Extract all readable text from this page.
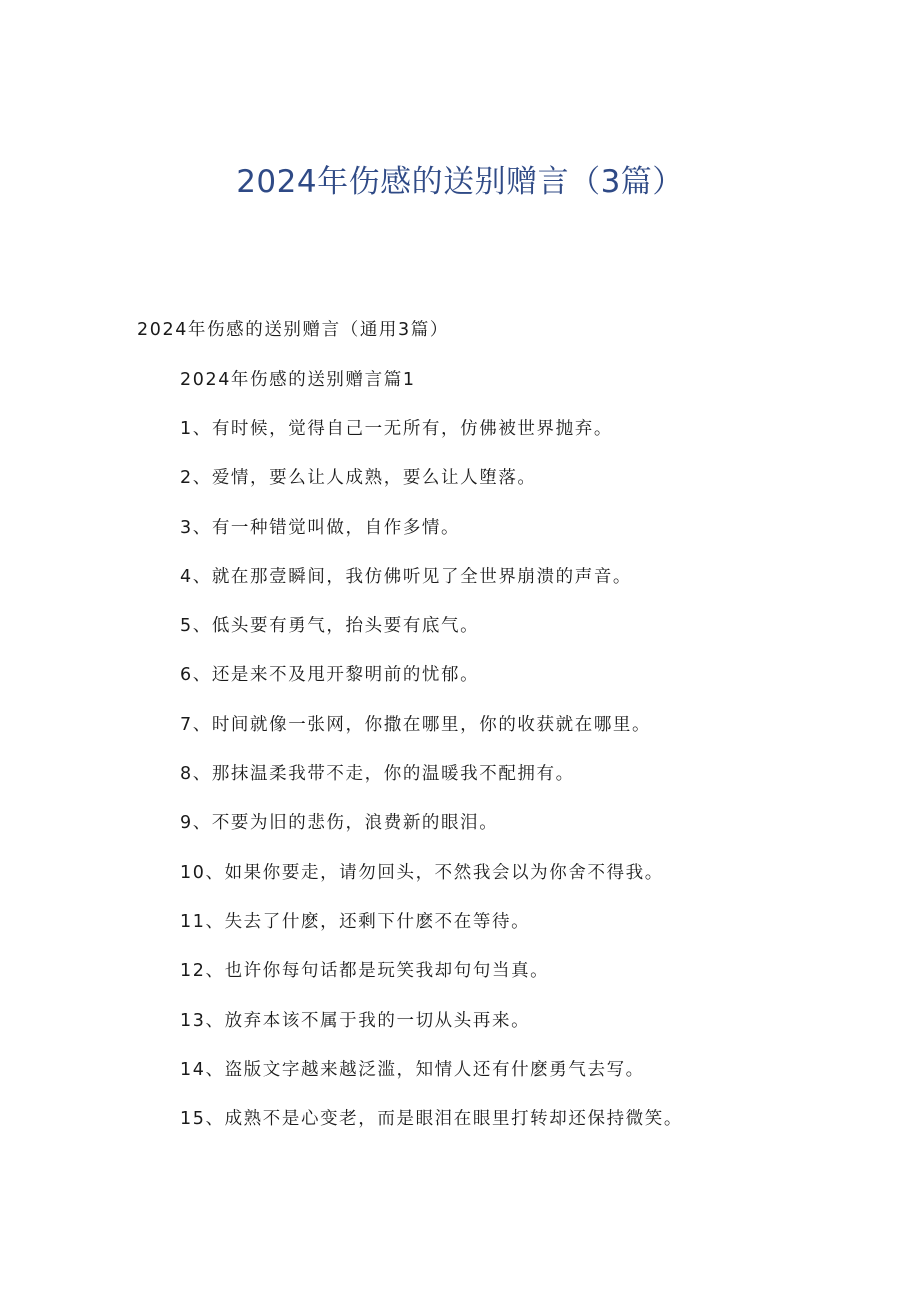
2024年伤感的送别赠言（3篇）

2024年伤感的送别赠言（通用3篇）

2024年伤感的送别赠言篇1

1、有时候，觉得自己一无所有，仿佛被世界抛弃。
2、爱情，要么让人成熟，要么让人堕落。
3、有一种错觉叫做，自作多情。
4、就在那壹瞬间，我仿佛听见了全世界崩溃的声音。
5、低头要有勇气，抬头要有底气。
6、还是来不及甩开黎明前的忧郁。
7、时间就像一张网，你撒在哪里，你的收获就在哪里。
8、那抹温柔我带不走，你的温暖我不配拥有。
9、不要为旧的悲伤，浪费新的眼泪。
10、如果你要走，请勿回头，不然我会以为你舍不得我。
11、失去了什麽，还剩下什麽不在等待。
12、也许你每句话都是玩笑我却句句当真。
13、放弃本该不属于我的一切从头再来。
14、盗版文字越来越泛滥，知情人还有什麽勇气去写。
15、成熟不是心变老，而是眼泪在眼里打转却还保持微笑。
